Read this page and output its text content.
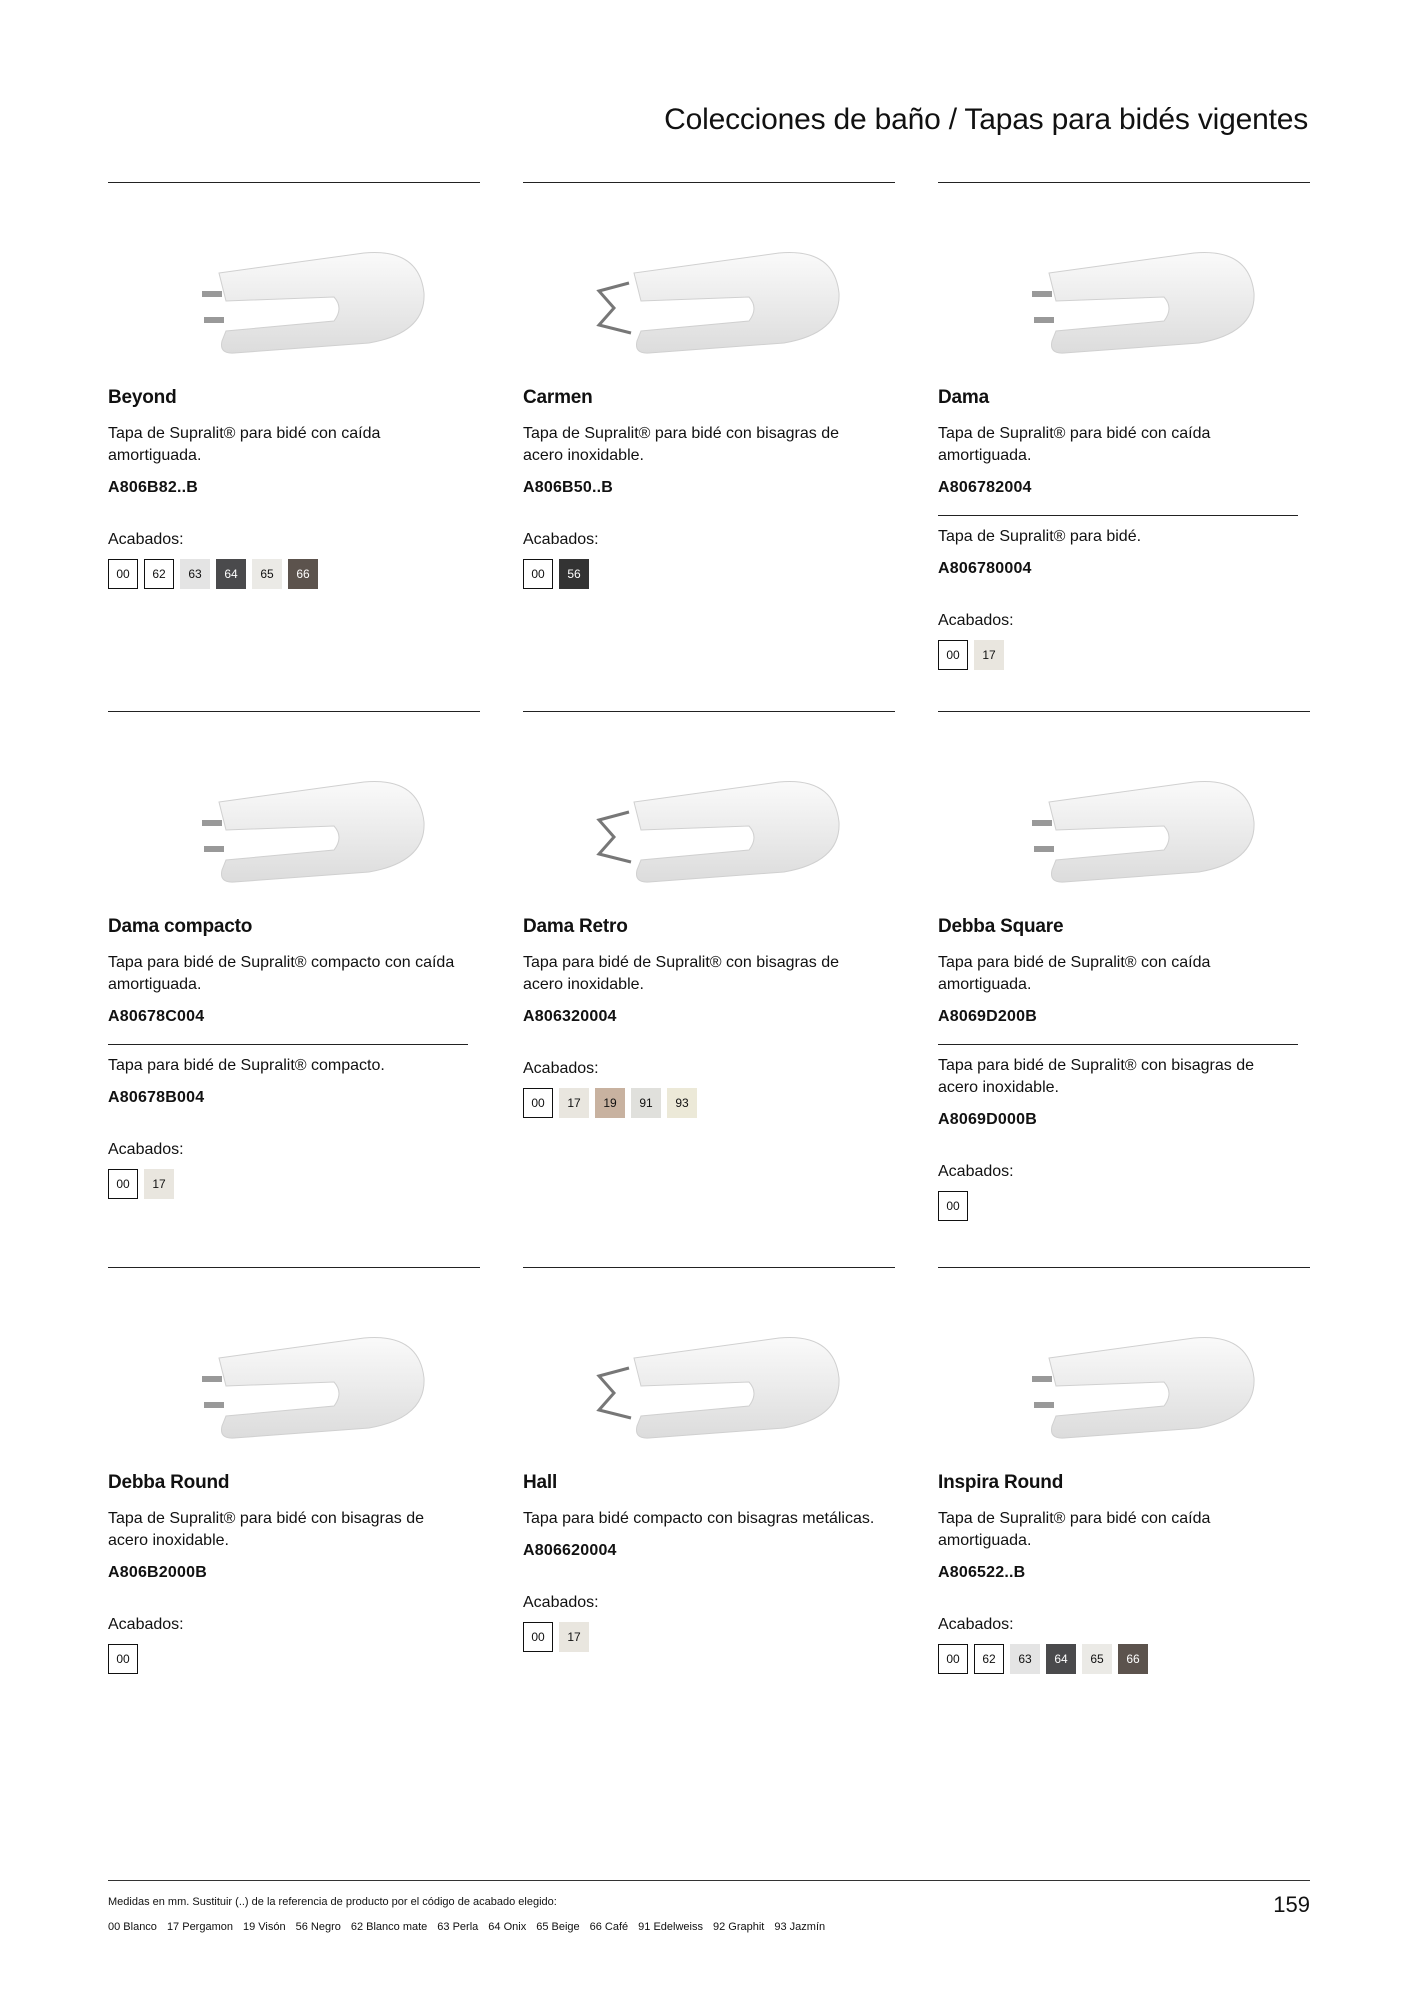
Colecciones de baño / Tapas para bidés vigentes
Beyond
Tapa de Supralit® para bidé con caída amortiguada.
A806B82..B
Acabados:
00	62	63	64	65	66
Carmen
Tapa de Supralit® para bidé con bisagras de acero inoxidable.
A806B50..B
Acabados:
00	56
Dama
Tapa de Supralit® para bidé con caída amortiguada.
A806782004
Tapa de Supralit® para bidé.
A806780004
Acabados:
00	17
Dama compacto
Tapa para bidé de Supralit® compacto con caída amortiguada.
A80678C004
Tapa para bidé de Supralit® compacto.
A80678B004
Acabados:
00	17
Dama Retro
Tapa para bidé de Supralit® con bisagras de acero inoxidable.
A806320004
Acabados:
00	17	19	91	93
Debba Square
Tapa para bidé de Supralit® con caída amortiguada.
A8069D200B
Tapa para bidé de Supralit® con bisagras de acero inoxidable.
A8069D000B
Acabados:
00
Debba Round
Tapa de Supralit® para bidé con bisagras de acero inoxidable.
A806B2000B
Acabados:
00
Hall
Tapa para bidé compacto con bisagras metálicas.
A806620004
Acabados:
00	17
Inspira Round
Tapa de Supralit® para bidé con caída amortiguada.
A806522..B
Acabados:
00	62	63	64	65	66
Medidas en mm. Sustituir (..) de la referencia de producto por el código de acabado elegido:
00 Blanco 17 Pergamon 19 Visón 56 Negro 62 Blanco mate 63 Perla 64 Onix 65 Beige 66 Café 91 Edelweiss 92 Graphit 93 Jazmín
159
